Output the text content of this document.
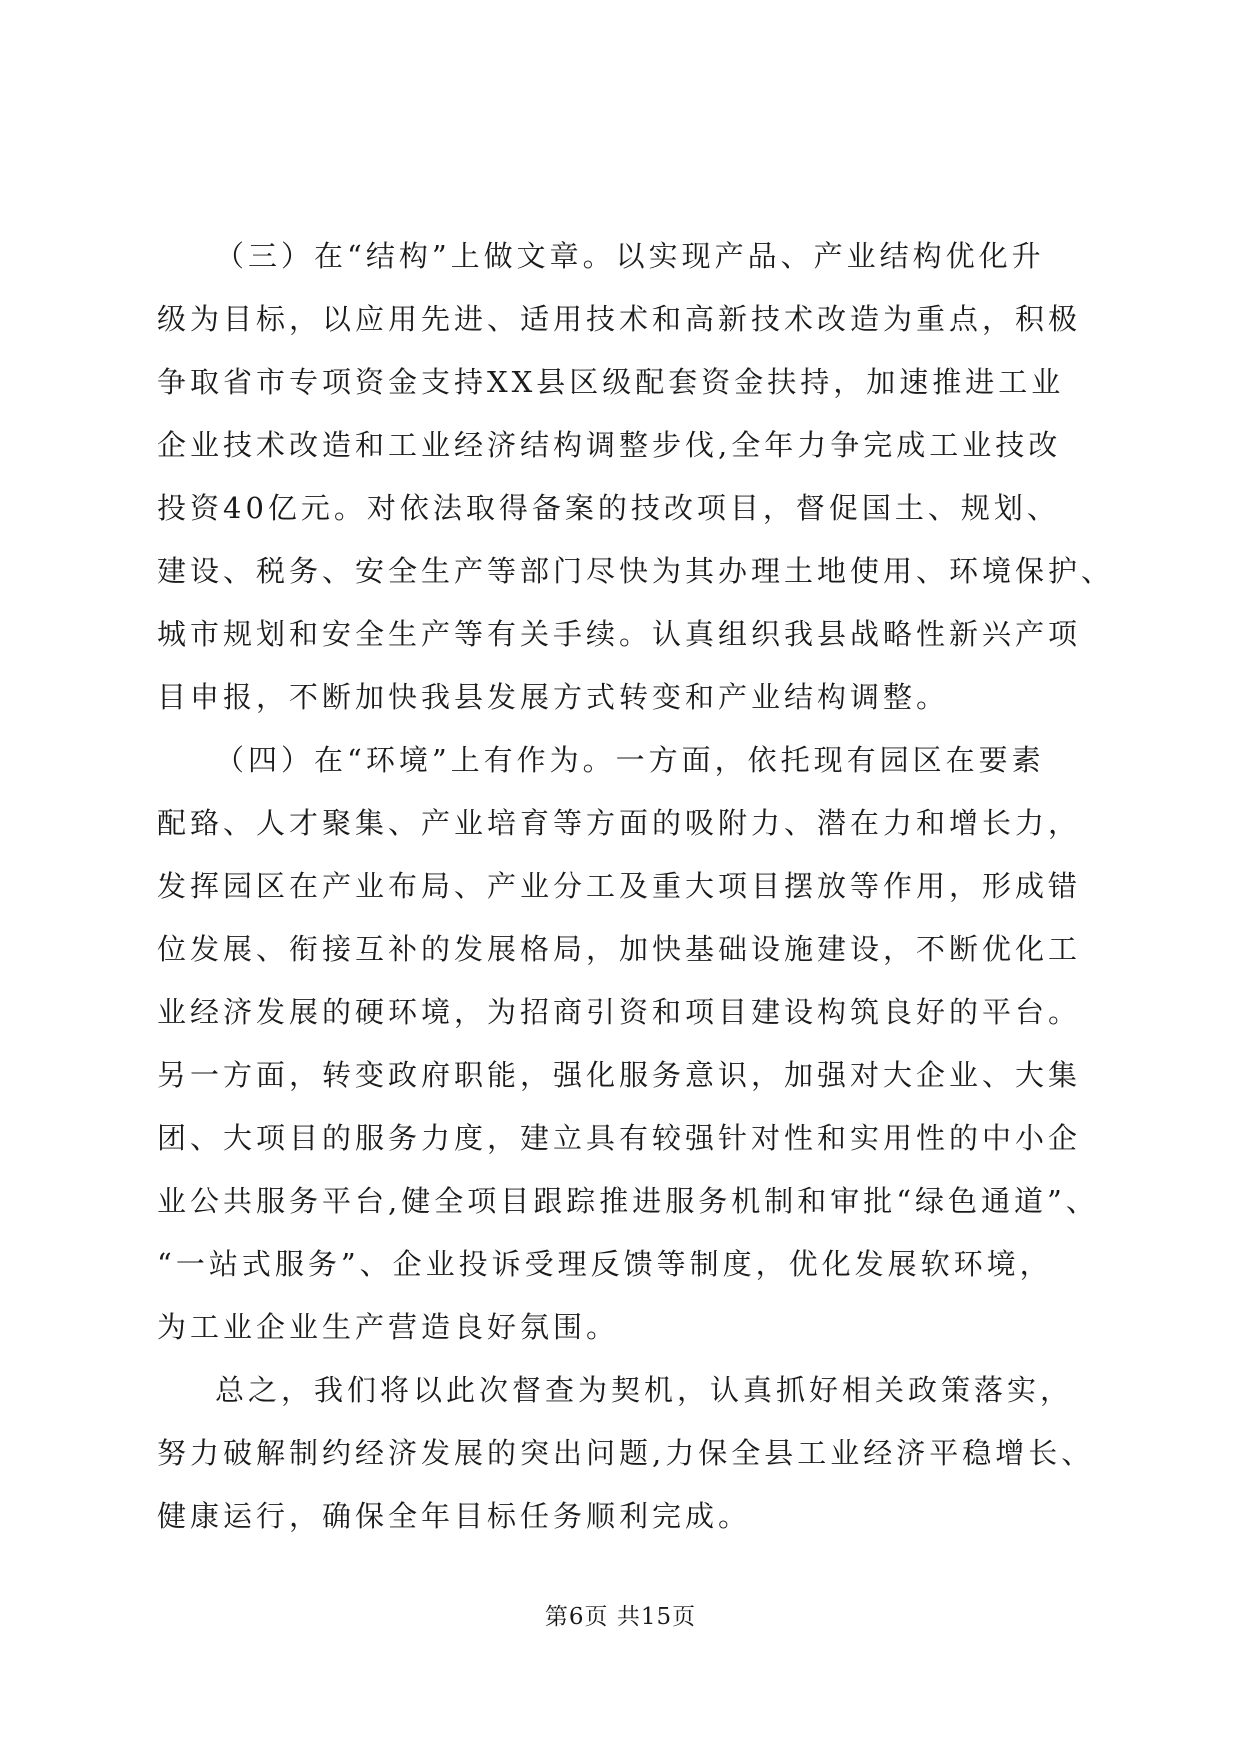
（三）在“结构”上做文章。以实现产品、产业结构优化升
级为目标，以应用先进、适用技术和高新技术改造为重点，积极
争取省市专项资金支持XX县区级配套资金扶持，加速推进工业
企业技术改造和工业经济结构调整步伐,全年力争完成工业技改
投资40亿元。对依法取得备案的技改项目，督促国土、规划、
建设、税务、安全生产等部门尽快为其办理土地使用、环境保护、
城市规划和安全生产等有关手续。认真组织我县战略性新兴产项
目申报，不断加快我县发展方式转变和产业结构调整。
（四）在“环境”上有作为。一方面，依托现有园区在要素
配臵、人才聚集、产业培育等方面的吸附力、潜在力和增长力，
发挥园区在产业布局、产业分工及重大项目摆放等作用，形成错
位发展、衔接互补的发展格局，加快基础设施建设，不断优化工
业经济发展的硬环境，为招商引资和项目建设构筑良好的平台。
另一方面，转变政府职能，强化服务意识，加强对大企业、大集
团、大项目的服务力度，建立具有较强针对性和实用性的中小企
业公共服务平台,健全项目跟踪推进服务机制和审批“绿色通道”、
“一站式服务”、企业投诉受理反馈等制度，优化发展软环境，
为工业企业生产营造良好氛围。
总之，我们将以此次督查为契机，认真抓好相关政策落实，
努力破解制约经济发展的突出问题,力保全县工业经济平稳增长、
健康运行，确保全年目标任务顺利完成。
第6页 共15页
